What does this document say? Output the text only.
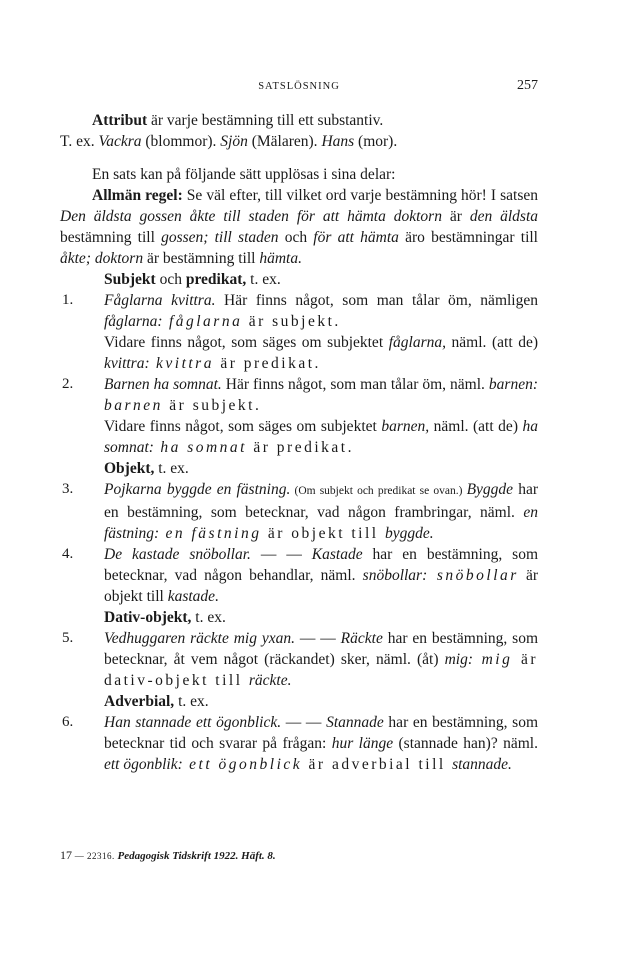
SATSLÖSNING	257

Attribut är varje bestämning till ett substantiv.
T. ex. Vackra (blommor). Sjön (Mälaren). Hans (mor).

En sats kan på följande sätt upplösas i sina delar:

Allmän regel: Se väl efter, till vilket ord varje bestämning hör! I satsen Den äldsta gossen åkte till staden för att hämta doktorn är den äldsta bestämning till gossen; till staden och för att hämta äro bestämningar till åkte; doktorn är bestämning till hämta.

Subjekt och predikat, t. ex.

1. Fåglarna kvittra. Här finns något, som man tålar öm, nämligen fåglarna: fåglarna är subjekt.

Vidare finns något, som säges om subjektet fåglarna, näml. (att de) kvittra: kvittra är predikat.

2. Barnen ha somnat. Här finns något, som man tålar öm, näml. barnen: barnen är subjekt.

Vidare finns något, som säges om subjektet barnen, näml. (att de) ha somnat: ha somnat är predikat.

Objekt, t. ex.

3. Pojkarna byggde en fästning. (Om subjekt och predikat se ovan.) Byggde har en bestämning, som betecknar, vad någon frambringar, näml. en fästning: en fästning är objekt till byggde.

4. De kastade snöbollar. — — Kastade har en bestämning, som betecknar, vad någon behandlar, näml. snöbollar: snöbollar är objekt till kastade.

Dativ-objekt, t. ex.

5. Vedhuggaren räckte mig yxan. — — Räckte har en bestämning, som betecknar, åt vem något (räckandet) sker, näml. (åt) mig: mig är dativ-objekt till räckte.

Adverbial, t. ex.

6. Han stannade ett ögonblick. — — Stannade har en bestämning, som betecknar tid och svarar på frågan: hur länge (stannade han)? näml. ett ögonblik: ett ögonblick är adverbial till stannade.

17 — 22316. Pedagogisk Tidskrift 1922. Häft. 8.
